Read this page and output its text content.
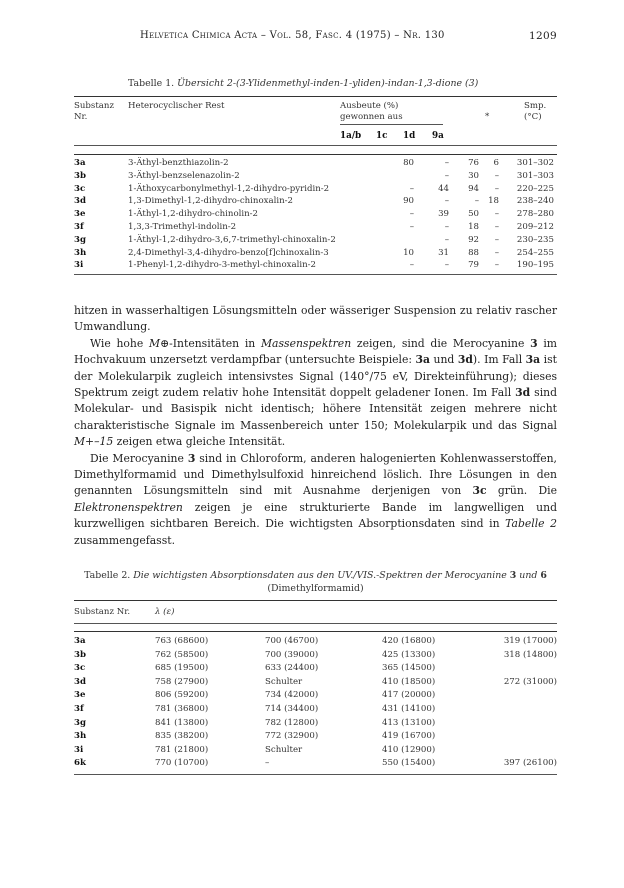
Helvetica Chimica Acta – Vol. 58, Fasc. 4 (1975) – Nr. 130	1209
Tabelle 1. Übersicht 2-(3-Ylidenmethyl-inden-1-yliden)-indan-1,3-dione (3)
Substanz
Nr.
Heterocyclischer Rest	Ausbeute (%)
gewonnen aus	*
Smp.
(°C)
1a/b 1c 1d 9a
3a	3-Äthyl-benzthiazolin-2	80	–	76	6	301–302
3b	3-Äthyl-benzselenazolin-2		–	30	–	301–303
3c	1-Äthoxycarbonylmethyl-1,2-dihydro-pyridin-2	–	44	94	–	220–225
3d	1,3-Dimethyl-1,2-dihydro-chinoxalin-2	90	–	–	18	238–240
3e	1-Äthyl-1,2-dihydro-chinolin-2	–	39	50	–	278–280
3f	1,3,3-Trimethyl-indolin-2	–	–	18	–	209–212
3g	1-Äthyl-1,2-dihydro-3,6,7-trimethyl-chinoxalin-2		–	92	–	230–235
3h	2,4-Dimethyl-3,4-dihydro-benzo[f]chinoxalin-3	10	31	88	–	254–255
3i	1-Phenyl-1,2-dihydro-3-methyl-chinoxalin-2	–	–	79	–	190–195

hitzen in wasserhaltigen Lösungsmitteln oder wässeriger Suspension zu relativ rascher Umwandlung.

Wie hohe M⊕-Intensitäten in Massenspektren zeigen, sind die Merocyanine 3 im Hochvakuum unzersetzt verdampfbar (untersuchte Beispiele: 3a und 3d). Im Fall 3a ist der Molekularpik zugleich intensivstes Signal (140°/75 eV, Direkteinführung); dieses Spektrum zeigt zudem relativ hohe Intensität doppelt geladener Ionen. Im Fall 3d sind Molekular- und Basispik nicht identisch; höhere Intensität zeigen mehrere nicht charakteristische Signale im Massenbereich unter 150; Molekularpik und das Signal M+–15 zeigen etwa gleiche Intensität.

Die Merocyanine 3 sind in Chloroform, anderen halogenierten Kohlenwasserstoffen, Dimethylformamid und Dimethylsulfoxid hinreichend löslich. Ihre Lösungen in den genannten Lösungsmitteln sind mit Ausnahme derjenigen von 3c grün. Die Elektronenspektren zeigen je eine strukturierte Bande im langwelligen und kurzwelligen sichtbaren Bereich. Die wichtigsten Absorptionsdaten sind in Tabelle 2 zusammengefasst.

Tabelle 2. Die wichtigsten Absorptionsdaten aus den UV./VIS.-Spektren der Merocyanine 3 und 6
(Dimethylformamid)
Substanz Nr.	λ (ε)
3a	763 (68600)	700 (46700)	420 (16800)	319 (17000)
3b	762 (58500)	700 (39000)	425 (13300)	318 (14800)
3c	685 (19500)	633 (24400)	365 (14500)	
3d	758 (27900)	Schulter	410 (18500)	272 (31000)
3e	806 (59200)	734 (42000)	417 (20000)	
3f	781 (36800)	714 (34400)	431 (14100)	
3g	841 (13800)	782 (12800)	413 (13100)	
3h	835 (38200)	772 (32900)	419 (16700)	
3i	781 (21800)	Schulter	410 (12900)	
6k	770 (10700)	–	550 (15400)	397 (26100)
